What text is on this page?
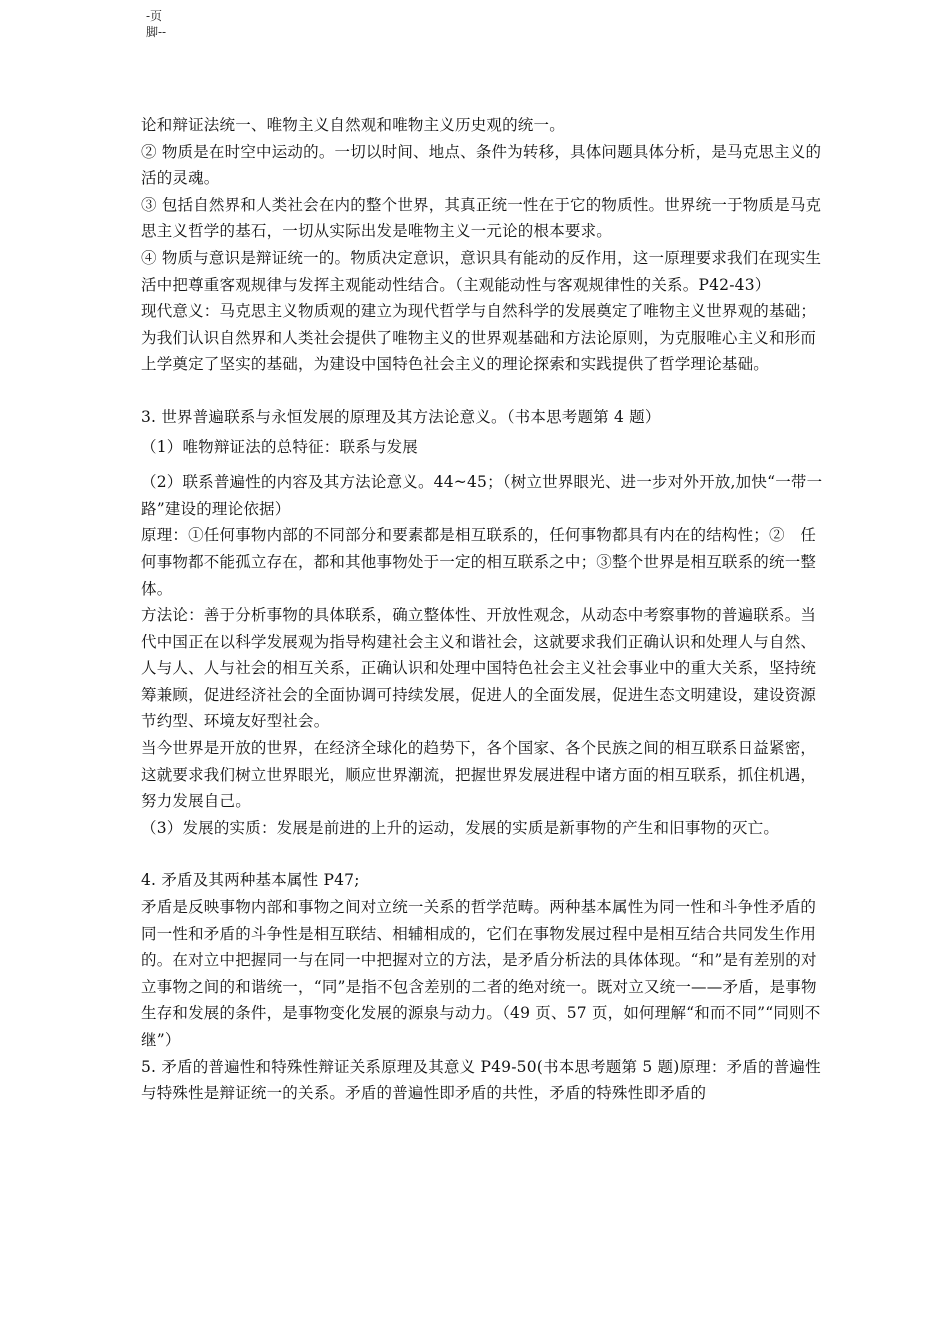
-页
脚--

论和辩证法统一、唯物主义自然观和唯物主义历史观的统一。

② 物质是在时空中运动的。一切以时间、地点、条件为转移，具体问题具体分析，是马克思主义的活的灵魂。

③ 包括自然界和人类社会在内的整个世界，其真正统一性在于它的物质性。世界统一于物质是马克思主义哲学的基石，一切从实际出发是唯物主义一元论的根本要求。

④ 物质与意识是辩证统一的。物质决定意识，意识具有能动的反作用，这一原理要求我们在现实生活中把尊重客观规律与发挥主观能动性结合。（主观能动性与客观规律性的关系。P42-43）

现代意义：马克思主义物质观的建立为现代哲学与自然科学的发展奠定了唯物主义世界观的基础；为我们认识自然界和人类社会提供了唯物主义的世界观基础和方法论原则，为克服唯心主义和形而上学奠定了坚实的基础，为建设中国特色社会主义的理论探索和实践提供了哲学理论基础。

3. 世界普遍联系与永恒发展的原理及其方法论意义。（书本思考题第 4 题）

（1）唯物辩证法的总特征：联系与发展

（2）联系普遍性的内容及其方法论意义。44~45；（树立世界眼光、进一步对外开放,加快“一带一路”建设的理论依据）

原理：①任何事物内部的不同部分和要素都是相互联系的，任何事物都具有内在的结构性；②　任何事物都不能孤立存在，都和其他事物处于一定的相互联系之中；③整个世界是相互联系的统一整体。

方法论：善于分析事物的具体联系，确立整体性、开放性观念，从动态中考察事物的普遍联系。当代中国正在以科学发展观为指导构建社会主义和谐社会，这就要求我们正确认识和处理人与自然、人与人、人与社会的相互关系，正确认识和处理中国特色社会主义社会事业中的重大关系，坚持统筹兼顾，促进经济社会的全面协调可持续发展，促进人的全面发展，促进生态文明建设，建设资源节约型、环境友好型社会。

当今世界是开放的世界，在经济全球化的趋势下，各个国家、各个民族之间的相互联系日益紧密，这就要求我们树立世界眼光，顺应世界潮流，把握世界发展进程中诸方面的相互联系，抓住机遇，努力发展自己。

（3）发展的实质：发展是前进的上升的运动，发展的实质是新事物的产生和旧事物的灭亡。

4. 矛盾及其两种基本属性 P47;

矛盾是反映事物内部和事物之间对立统一关系的哲学范畴。两种基本属性为同一性和斗争性矛盾的同一性和矛盾的斗争性是相互联结、相辅相成的，它们在事物发展过程中是相互结合共同发生作用的。在对立中把握同一与在同一中把握对立的方法，是矛盾分析法的具体体现。“和”是有差别的对立事物之间的和谐统一，“同”是指不包含差别的二者的绝对统一。既对立又统一——矛盾，是事物生存和发展的条件，是事物变化发展的源泉与动力。（49 页、57 页，如何理解“和而不同”“同则不继”）

5. 矛盾的普遍性和特殊性辩证关系原理及其意义 P49-50(书本思考题第 5 题)原理：矛盾的普遍性与特殊性是辩证统一的关系。矛盾的普遍性即矛盾的共性，矛盾的特殊性即矛盾的
